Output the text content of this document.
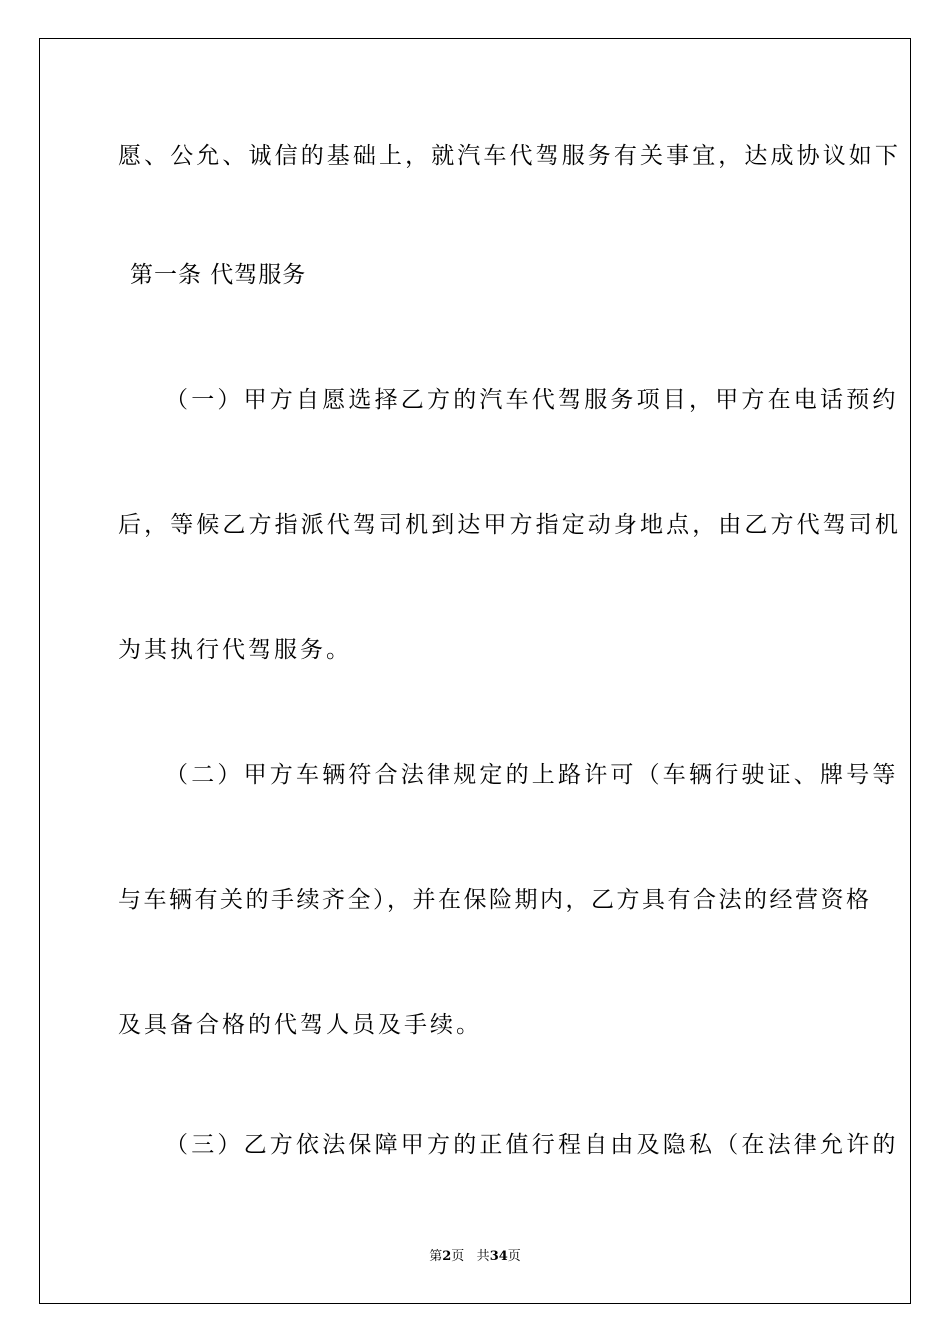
愿、公允、诚信的基础上，就汽车代驾服务有关事宜，达成协议如下
第一条 代驾服务
（一）甲方自愿选择乙方的汽车代驾服务项目，甲方在电话预约
后，等候乙方指派代驾司机到达甲方指定动身地点，由乙方代驾司机
为其执行代驾服务。
（二）甲方车辆符合法律规定的上路许可（车辆行驶证、牌号等
与车辆有关的手续齐全），并在保险期内，乙方具有合法的经营资格
及具备合格的代驾人员及手续。
（三）乙方依法保障甲方的正值行程自由及隐私（在法律允许的
第2页 共34页
